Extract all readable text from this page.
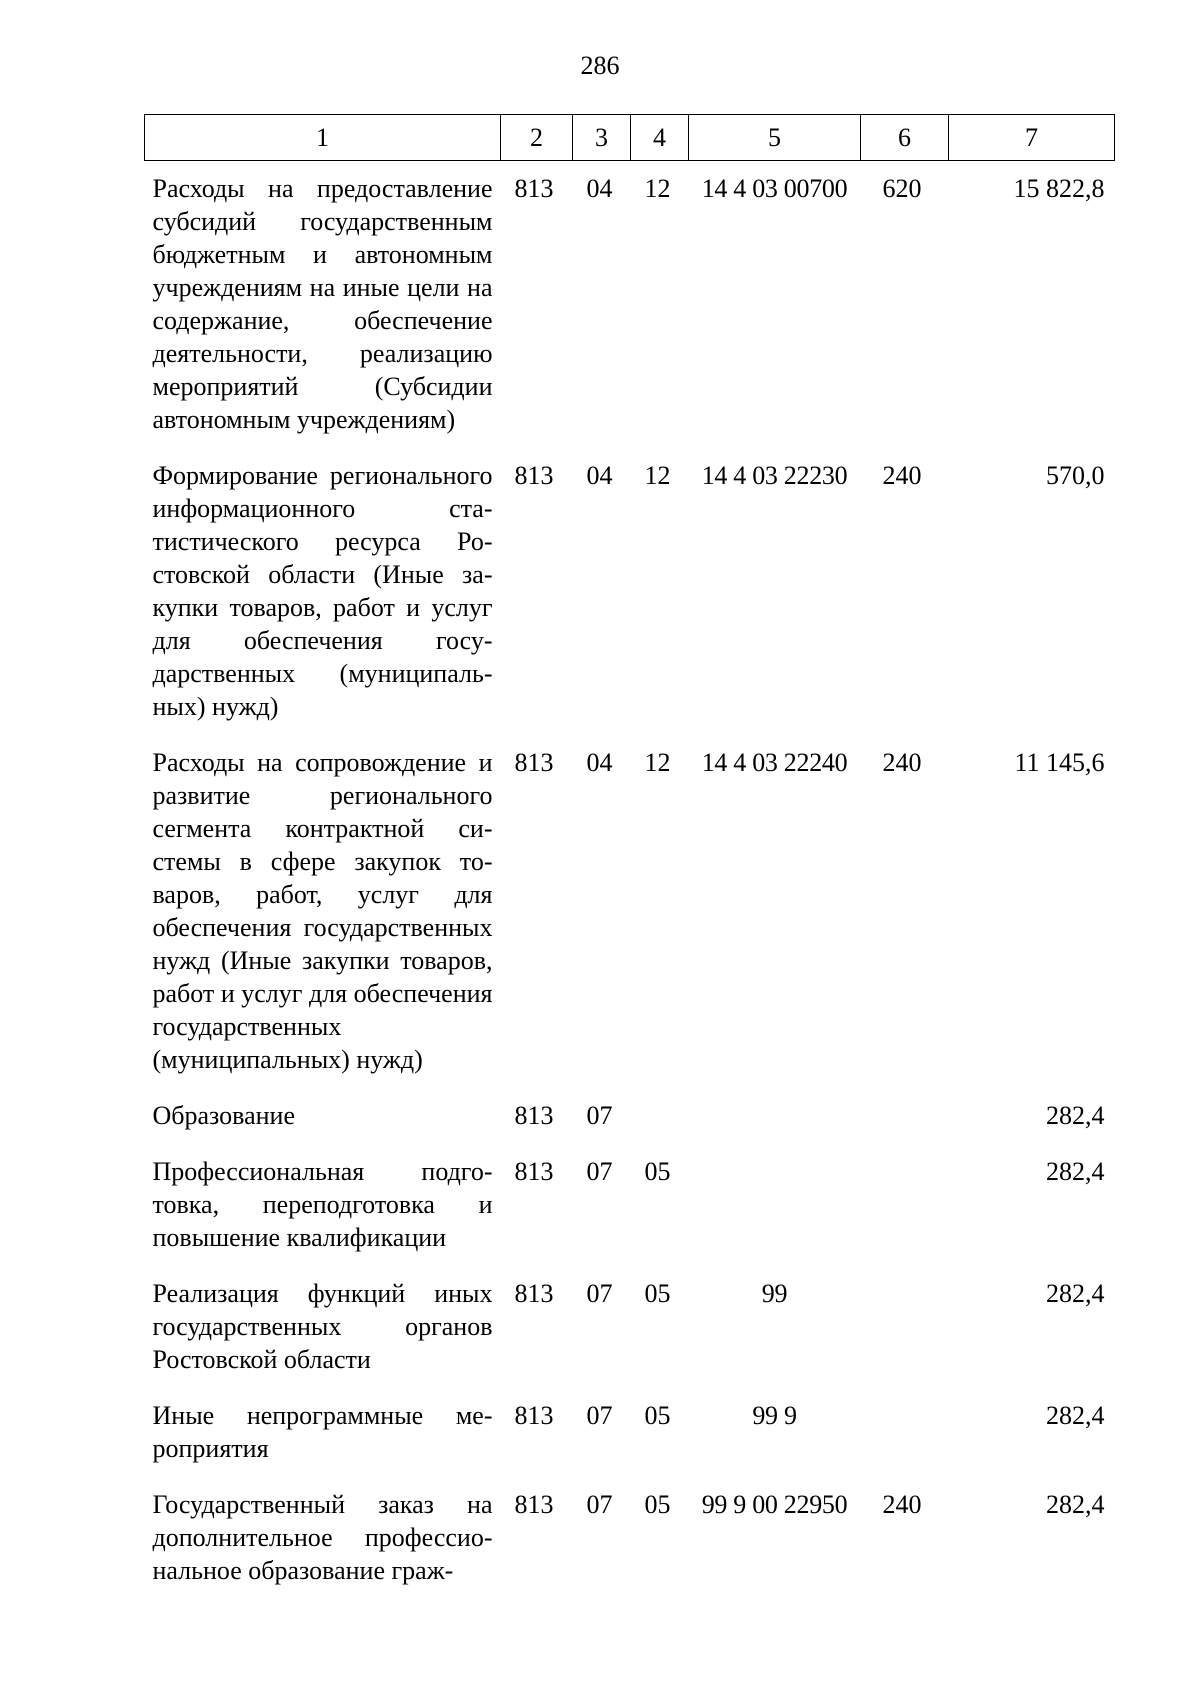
286
1	2	3	4	5	6	7
Расходы на предоставление субсидий государственным бюджетным и автономным учреждениям на иные цели на содержание, обеспечение деятельности, реализацию мероприятий (Субсидии автономным учреждениям)	813	04	12	14 4 03 00700	620	15 822,8
Формирование регионального информационного статистического ресурса Ростовской области (Иные закупки товаров, работ и услуг для обеспечения государственных (муниципальных) нужд)	813	04	12	14 4 03 22230	240	570,0
Расходы на сопровождение и развитие регионального сегмента контрактной системы в сфере закупок товаров, работ, услуг для обеспечения государственных нужд (Иные закупки товаров, работ и услуг для обеспечения государственных (муниципальных) нужд)	813	04	12	14 4 03 22240	240	11 145,6
Образование	813	07				282,4
Профессиональная подготовка, переподготовка и повышение квалификации	813	07	05			282,4
Реализация функций иных государственных органов Ростовской области	813	07	05	99		282,4
Иные непрограммные мероприятия	813	07	05	99 9		282,4
Государственный заказ на дополнительное профессиональное образование граж-	813	07	05	99 9 00 22950	240	282,4
